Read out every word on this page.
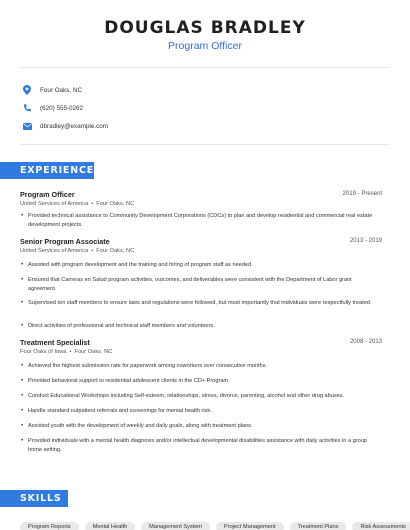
DOUGLAS BRADLEY
Program Officer
Four Oaks, NC
(620) 555-0262
dbradley@example.com
EXPERIENCE
Program Officer	2019 - Present
United Services of America • Four Oaks, NC
• Provided technical assistance to Community Development Corporations (CDCs) to plan and develop residential and commercial real estate development projects.
Senior Program Associate	2013 - 2019
United Services of America • Four Oaks, NC
• Assisted with program development and the training and hiring of program staff as needed.
• Ensured that Carreras en Salud program activities, outcomes, and deliverables were consistent with the Department of Labor grant agreement.
• Supervised ten staff members to ensure laws and regulations were followed, but most importantly that individuals were respectfully treated.
• Direct activities of professional and technical staff members and volunteers.
Treatment Specialist	2008 - 2013
Four Oaks of Iowa • Four Oaks, NC
• Achieved the highest submission rate for paperwork among coworkers over consecutive months.
• Provided behavioral support to residential adolescent clients in the CD+ Program.
• Conduct Educational Workshops including Self-esteem, relationships, stress, divorce, parenting, alcohol and other drug abuses.
• Handle standard outpatient referrals and screenings for mental health risk.
• Assisted youth with the development of weekly and daily goals, along with treatment plans.
• Provided individuals with a mental health diagnosis and/or intellectual developmental disabilities assistance with daily activities in a group home setting.
SKILLS
Program Reports	Mental Health	Management System	Project Management	Treatment Plans	Risk Assessments
